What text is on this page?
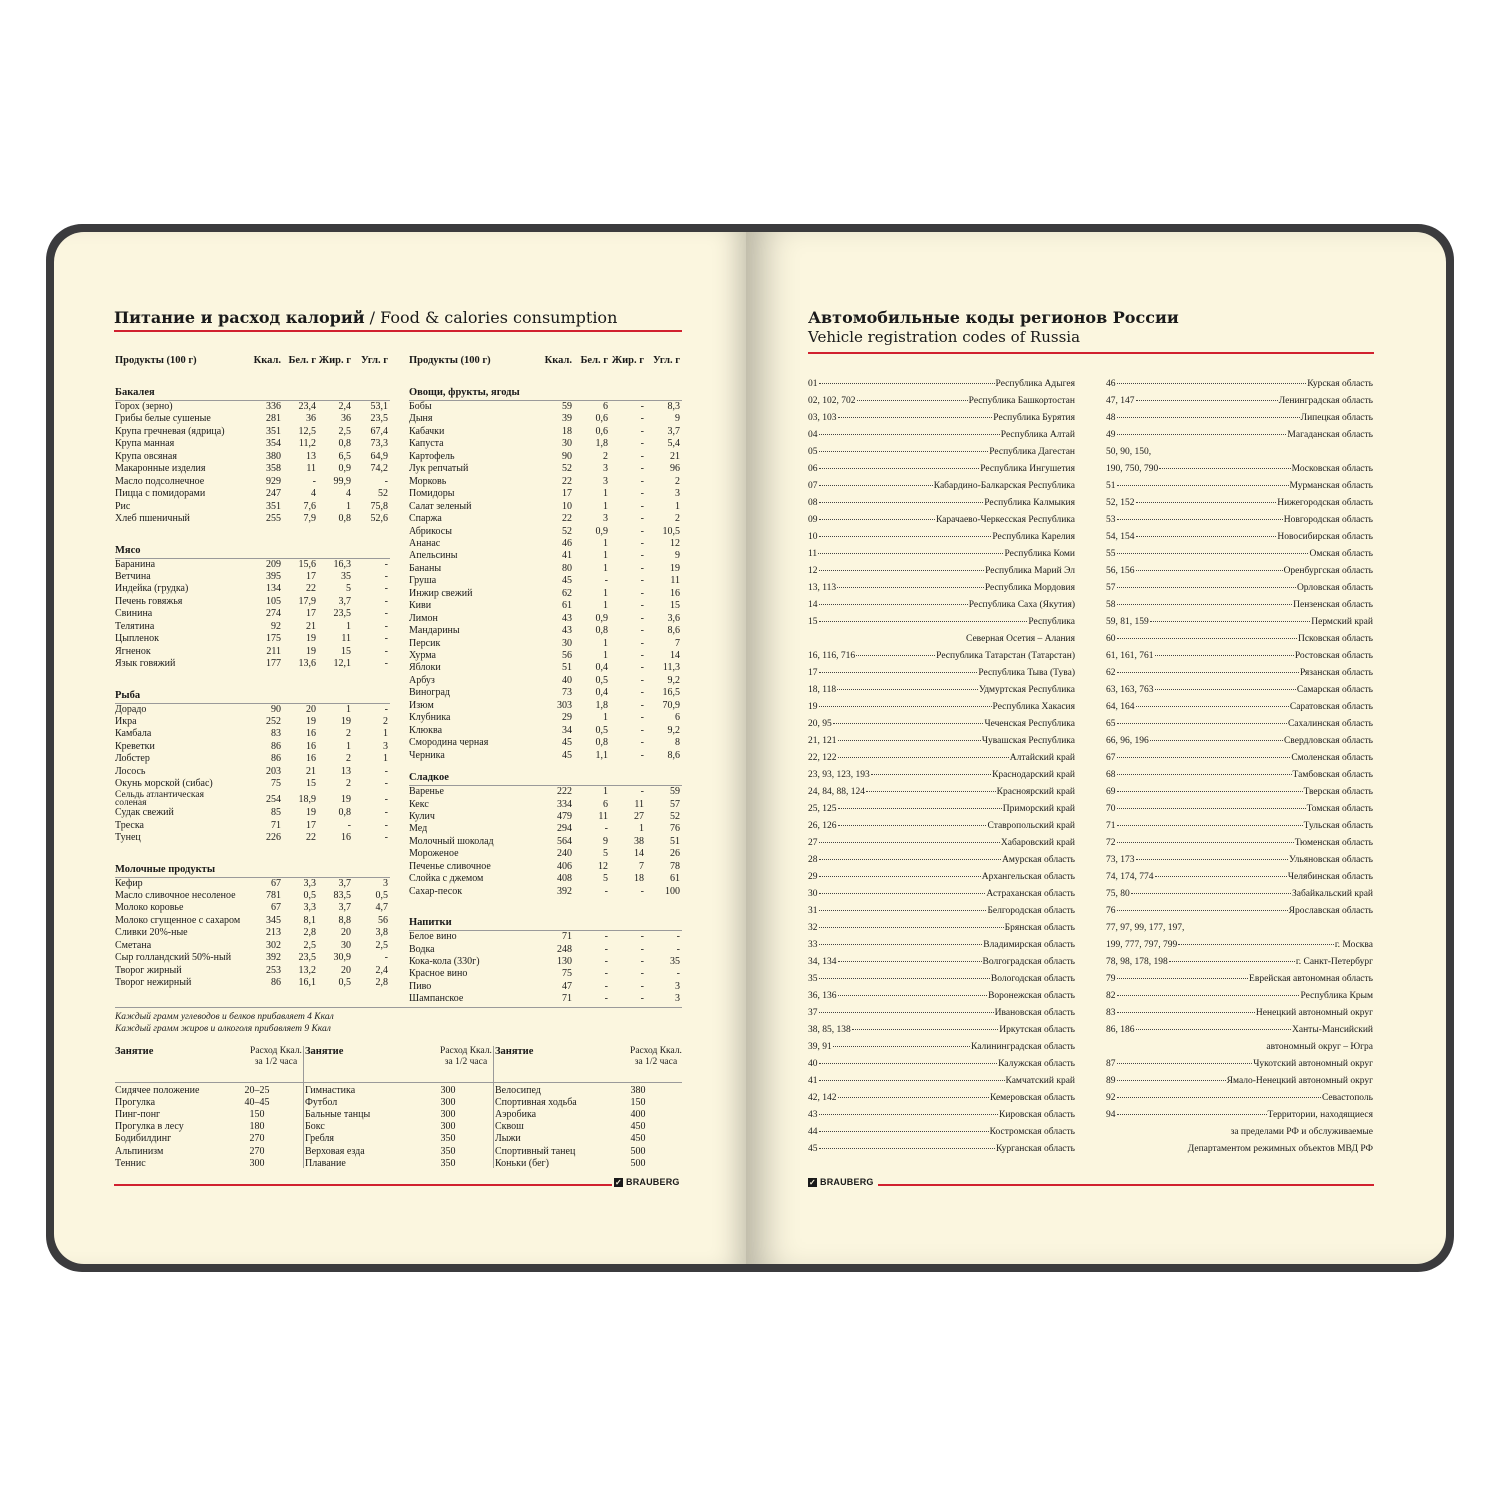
Питание и расход калорий / Food & calories consumption
Продукты (100 г)	Ккал. Бел. г Жир. г Угл. г
Бакалея
Горох (зерно)	336	23,4	2,4	53,1
Грибы белые сушеные	281	36	36	23,5
Крупа гречневая (ядрица)	351	12,5	2,5	67,4
Крупа манная	354	11,2	0,8	73,3
Крупа овсяная	380	13	6,5	64,9
Макаронные изделия	358	11	0,9	74,2
Масло подсолнечное	929	-	99,9	-
Пицца с помидорами	247	4	4	52
Рис	351	7,6	1	75,8
Хлеб пшеничный	255	7,9	0,8	52,6
Мясо
Баранина	209	15,6	16,3	-
Ветчина	395	17	35	-
Индейка (грудка)	134	22	5	-
Печень говяжья	105	17,9	3,7	-
Свинина	274	17	23,5	-
Телятина	92	21	1	-
Цыпленок	175	19	11	-
Ягненок	211	19	15	-
Язык говяжий	177	13,6	12,1	-
Рыба
Дорадо	90	20	1	-
Икра	252	19	19	2
Камбала	83	16	2	1
Креветки	86	16	1	3
Лобстер	86	16	2	1
Лосось	203	21	13	-
Окунь морской (сибас)	75	15	2	-
Сельдь атлантическая соленая	254	18,9	19	-
Судак свежий	85	19	0,8	-
Треска	71	17	-	-
Тунец	226	22	16	-
Молочные продукты
Кефир	67	3,3	3,7	3
Масло сливочное несоленое	781	0,5	83,5	0,5
Молоко коровье	67	3,3	3,7	4,7
Молоко сгущенное с сахаром	345	8,1	8,8	56
Сливки 20%-ные	213	2,8	20	3,8
Сметана	302	2,5	30	2,5
Сыр голландский 50%-ный	392	23,5	30,9	-
Творог жирный	253	13,2	20	2,4
Творог нежирный	86	16,1	0,5	2,8
Продукты (100 г)	Ккал. Бел. г Жир. г Угл. г
Овощи, фрукты, ягоды
Бобы	59	6	-	8,3
Дыня	39	0,6	-	9
Кабачки	18	0,6	-	3,7
Капуста	30	1,8	-	5,4
Картофель	90	2	-	21
Лук репчатый	52	3	-	96
Морковь	22	3	-	2
Помидоры	17	1	-	3
Салат зеленый	10	1	-	1
Спаржа	22	3	-	2
Абрикосы	52	0,9	-	10,5
Ананас	46	1	-	12
Апельсины	41	1	-	9
Бананы	80	1	-	19
Груша	45	-	-	11
Инжир свежий	62	1	-	16
Киви	61	1	-	15
Лимон	43	0,9	-	3,6
Мандарины	43	0,8	-	8,6
Персик	30	1	-	7
Хурма	56	1	-	14
Яблоки	51	0,4	-	11,3
Арбуз	40	0,5	-	9,2
Виноград	73	0,4	-	16,5
Изюм	303	1,8	-	70,9
Клубника	29	1	-	6
Клюква	34	0,5	-	9,2
Смородина черная	45	0,8	-	8
Черника	45	1,1	-	8,6
Сладкое
Варенье	222	1	-	59
Кекс	334	6	11	57
Кулич	479	11	27	52
Мед	294	-	1	76
Молочный шоколад	564	9	38	51
Мороженое	240	5	14	26
Печенье сливочное	406	12	7	78
Слойка с джемом	408	5	18	61
Сахар-песок	392	-	-	100
Напитки
Белое вино	71	-	-	-
Водка	248	-	-	-
Кока-кола (330г)	130	-	-	35
Красное вино	75	-	-	-
Пиво	47	-	-	3
Шампанское	71	-	-	3
Каждый грамм углеводов и белков прибавляет 4 Ккал
Каждый грамм жиров и алкоголя прибавляет 9 Ккал
Занятие	Расход Ккал. за 1/2 часа
Сидячее положение	20–25
Прогулка	40–45
Пинг-понг	150
Прогулка в лесу	180
Бодибилдинг	270
Альпинизм	270
Теннис	300
Занятие	Расход Ккал. за 1/2 часа
Гимнастика	300
Футбол	300
Бальные танцы	300
Бокс	300
Гребля	350
Верховая езда	350
Плавание	350
Занятие	Расход Ккал. за 1/2 часа
Велосипед	380
Спортивная ходьба	150
Аэробика	400
Сквош	450
Лыжи	450
Спортивный танец	500
Коньки (бег)	500
✓ BRAUBERG
Автомобильные коды регионов России
Vehicle registration codes of Russia
01	Республика Адыгея
02, 102, 702	Республика Башкортостан
03, 103	Республика Бурятия
04	Республика Алтай
05	Республика Дагестан
06	Республика Ингушетия
07	Кабардино-Балкарская Республика
08	Республика Калмыкия
09	Карачаево-Черкесская Республика
10	Республика Карелия
11	Республика Коми
12	Республика Марий Эл
13, 113	Республика Мордовия
14	Республика Саха (Якутия)
15	Республика
Северная Осетия – Алания
16, 116, 716	Республика Татарстан (Татарстан)
17	Республика Тыва (Тува)
18, 118	Удмуртская Республика
19	Республика Хакасия
20, 95	Чеченская Республика
21, 121	Чувашская Республика
22, 122	Алтайский край
23, 93, 123, 193	Краснодарский край
24, 84, 88, 124	Красноярский край
25, 125	Приморский край
26, 126	Ставропольский край
27	Хабаровский край
28	Амурская область
29	Архангельская область
30	Астраханская область
31	Белгородская область
32	Брянская область
33	Владимирская область
34, 134	Волгоградская область
35	Вологодская область
36, 136	Воронежская область
37	Ивановская область
38, 85, 138	Иркутская область
39, 91	Калининградская область
40	Калужская область
41	Камчатский край
42, 142	Кемеровская область
43	Кировская область
44	Костромская область
45	Курганская область
46	Курская область
47, 147	Ленинградская область
48	Липецкая область
49	Магаданская область
50, 90, 150,
190, 750, 790	Московская область
51	Мурманская область
52, 152	Нижегородская область
53	Новгородская область
54, 154	Новосибирская область
55	Омская область
56, 156	Оренбургская область
57	Орловская область
58	Пензенская область
59, 81, 159	Пермский край
60	Псковская область
61, 161, 761	Ростовская область
62	Рязанская область
63, 163, 763	Самарская область
64, 164	Саратовская область
65	Сахалинская область
66, 96, 196	Свердловская область
67	Смоленская область
68	Тамбовская область
69	Тверская область
70	Томская область
71	Тульская область
72	Тюменская область
73, 173	Ульяновская область
74, 174, 774	Челябинская область
75, 80	Забайкальский край
76	Ярославская область
77, 97, 99, 177, 197,
199, 777, 797, 799	г. Москва
78, 98, 178, 198	г. Санкт-Петербург
79	Еврейская автономная область
82	Республика Крым
83	Ненецкий автономный округ
86, 186	Ханты-Мансийский
автономный округ – Югра
87	Чукотский автономный округ
89	Ямало-Ненецкий автономный округ
92	Севастополь
94	Территории, находящиеся
за пределами РФ и обслуживаемые
Департаментом режимных объектов МВД РФ
✓ BRAUBERG
